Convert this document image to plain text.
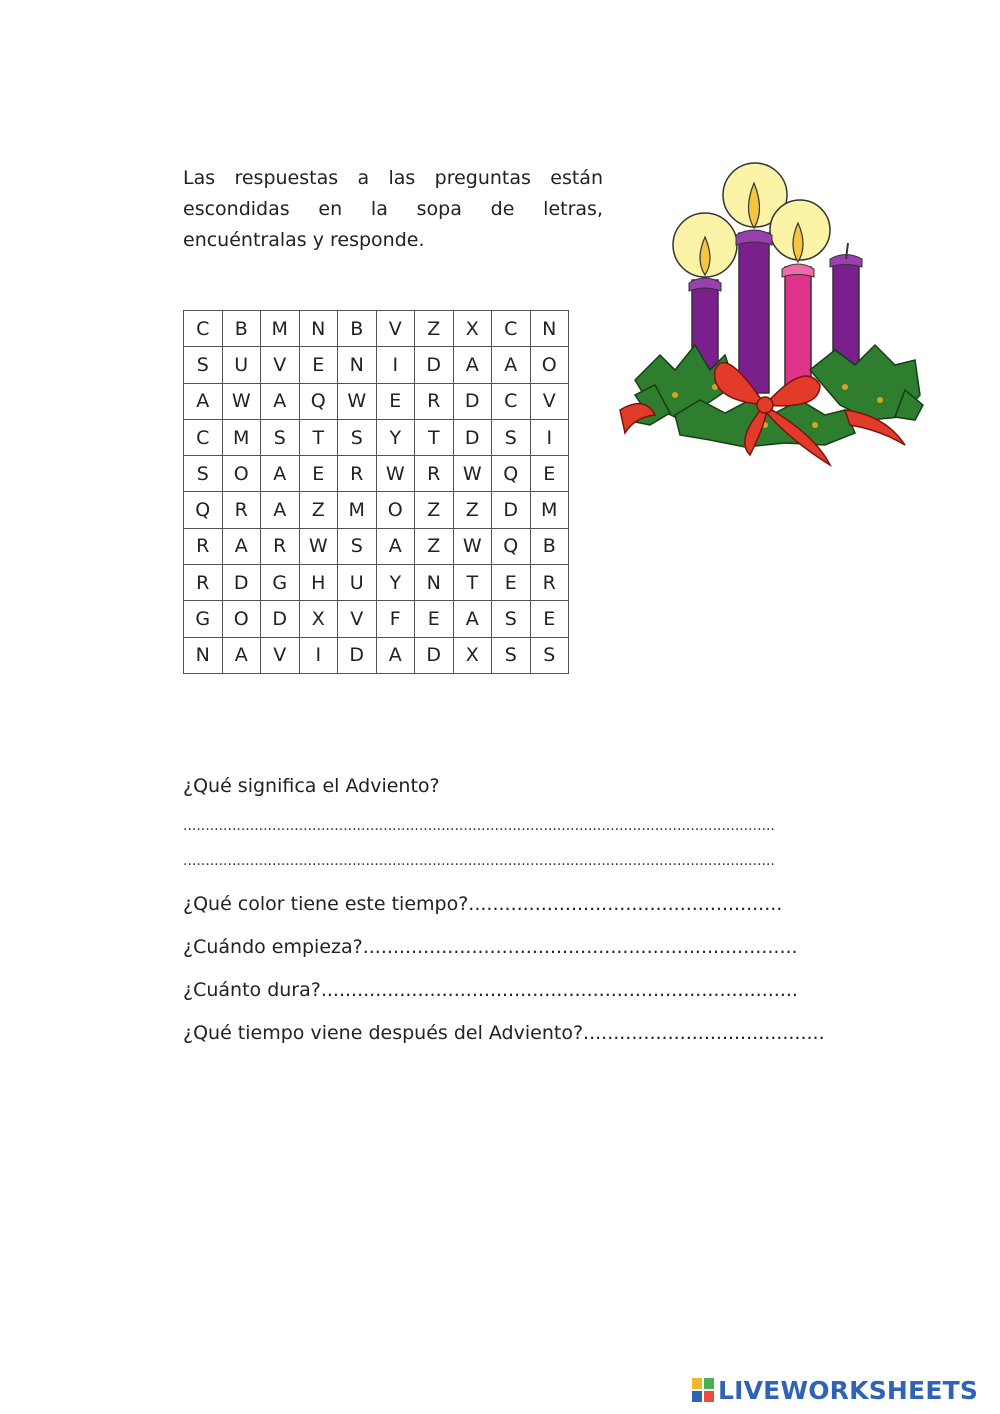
Las respuestas a las preguntas están
escondidas en la sopa de letras,
encuéntralas y responde.
C	B	M	N	B	V	Z	X	C	N
S	U	V	E	N	I	D	A	A	O
A	W	A	Q	W	E	R	D	C	V
C	M	S	T	S	Y	T	D	S	I
S	O	A	E	R	W	R	W	Q	E
Q	R	A	Z	M	O	Z	Z	D	M
R	A	R	W	S	A	Z	W	Q	B
R	D	G	H	U	Y	N	T	E	R
G	O	D	X	V	F	E	A	S	E
N	A	V	I	D	A	D	X	S	S
¿Qué significa el Adviento?
.....................................................................................................................................
.....................................................................................................................................
¿Qué color tiene este tiempo?....................................................
¿Cuándo empieza?........................................................................
¿Cuánto dura?...............................................................................
¿Qué tiempo viene después del Adviento?........................................
LIVEWORKSHEETS
